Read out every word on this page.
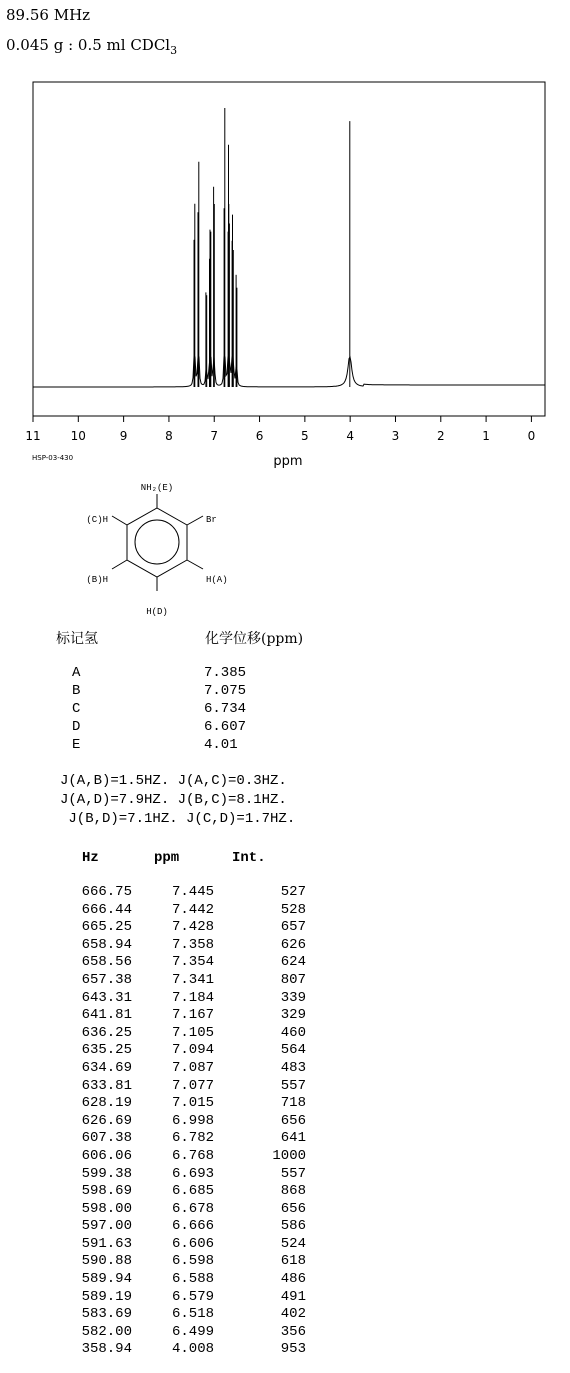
89.56 MHz
0.045 g : 0.5 ml CDCl$_3$
11	10	9	8	7	6	5	4	3	2	1	0
ppm
HSP-03-430
NH₂(E)
Br
(C)H
(B)H	H(A)
H(D)
标记氢	化学位移(ppm)
A	7.385
B	7.075
C	6.734
D	6.607
E	4.01
J(A,B)=1.5HZ. J(A,C)=0.3HZ.
J(A,D)=7.9HZ. J(B,C)=8.1HZ.
J(B,D)=7.1HZ. J(C,D)=1.7HZ.
Hz	ppm	Int.
666.75	7.445	527
666.44	7.442	528
665.25	7.428	657
658.94	7.358	626
658.56	7.354	624
657.38	7.341	807
643.31	7.184	339
641.81	7.167	329
636.25	7.105	460
635.25	7.094	564
634.69	7.087	483
633.81	7.077	557
628.19	7.015	718
626.69	6.998	656
607.38	6.782	641
606.06	6.768	1000
599.38	6.693	557
598.69	6.685	868
598.00	6.678	656
597.00	6.666	586
591.63	6.606	524
590.88	6.598	618
589.94	6.588	486
589.19	6.579	491
583.69	6.518	402
582.00	6.499	356
358.94	4.008	953
